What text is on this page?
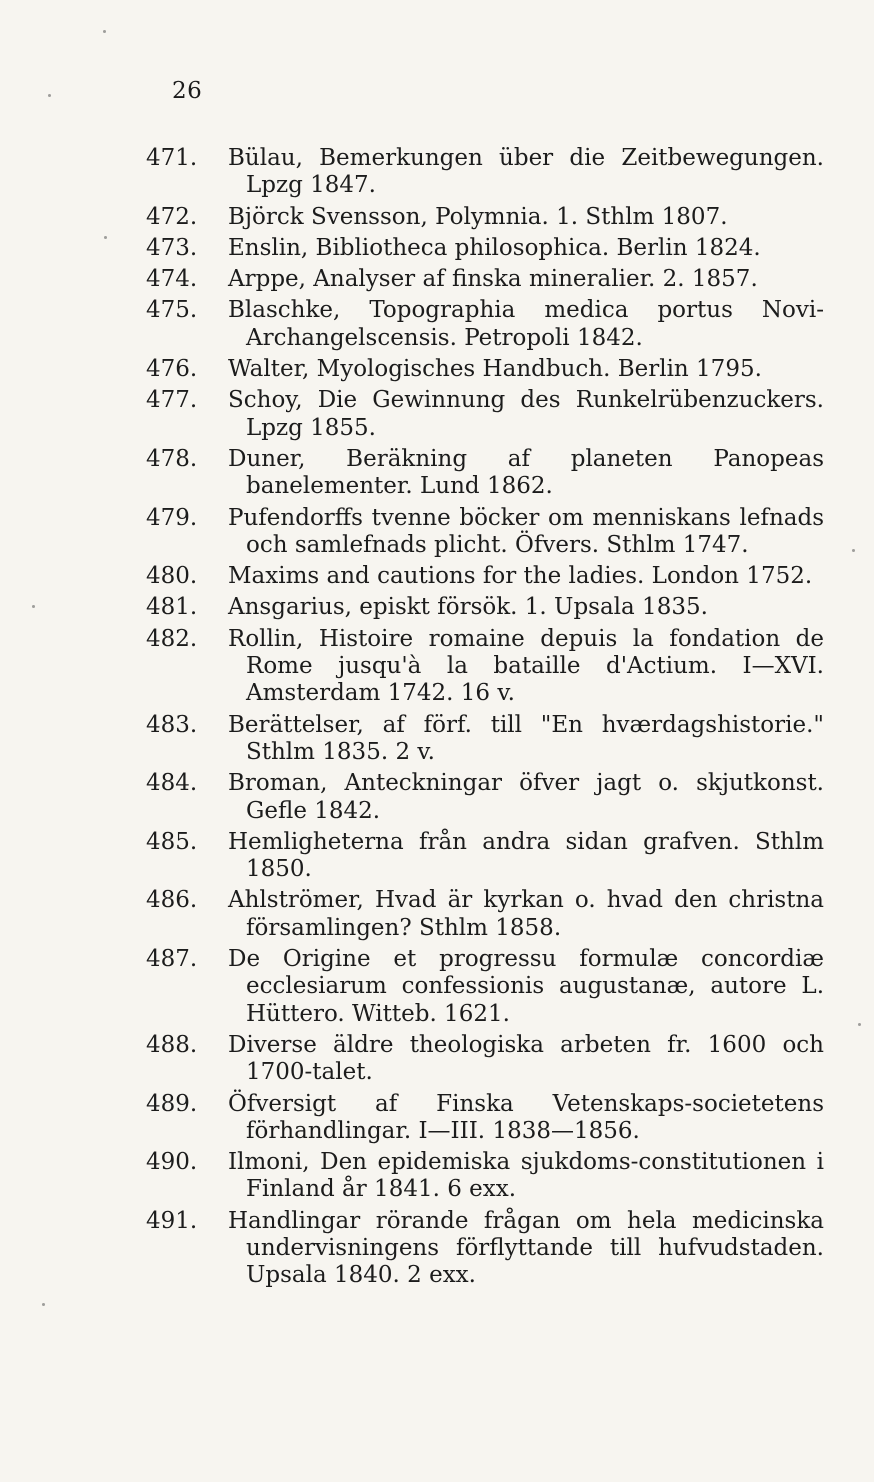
26
471.	Bülau, Bemerkungen über die Zeitbewegungen. Lpzg 1847.
472.	Björck Svensson, Polymnia. 1. Sthlm 1807.
473.	Enslin, Bibliotheca philosophica. Berlin 1824.
474.	Arppe, Analyser af finska mineralier. 2. 1857.
475.	Blaschke, Topographia medica portus Novi-Archangelscensis. Petropoli 1842.
476.	Walter, Myologisches Handbuch. Berlin 1795.
477.	Schoy, Die Gewinnung des Runkelrübenzuckers. Lpzg 1855.
478.	Duner, Beräkning af planeten Panopeas banelementer. Lund 1862.
479.	Pufendorffs tvenne böcker om menniskans lefnads och samlefnads plicht. Öfvers. Sthlm 1747.
480.	Maxims and cautions for the ladies. London 1752.
481.	Ansgarius, episkt försök. 1. Upsala 1835.
482.	Rollin, Histoire romaine depuis la fondation de Rome jusqu'à la bataille d'Actium. I—XVI. Amsterdam 1742. 16 v.
483.	Berättelser, af förf. till "En hværdagshistorie." Sthlm 1835. 2 v.
484.	Broman, Anteckningar öfver jagt o. skjutkonst. Gefle 1842.
485.	Hemligheterna från andra sidan grafven. Sthlm 1850.
486.	Ahlströmer, Hvad är kyrkan o. hvad den christna församlingen? Sthlm 1858.
487.	De Origine et progressu formulæ concordiæ ecclesiarum confessionis augustanæ, autore L. Hüttero. Witteb. 1621.
488.	Diverse äldre theologiska arbeten fr. 1600 och 1700-talet.
489.	Öfversigt af Finska Vetenskaps-societetens förhandlingar. I—III. 1838—1856.
490.	Ilmoni, Den epidemiska sjukdoms-constitutionen i Finland år 1841. 6 exx.
491.	Handlingar rörande frågan om hela medicinska undervisningens förflyttande till hufvudstaden. Upsala 1840. 2 exx.
